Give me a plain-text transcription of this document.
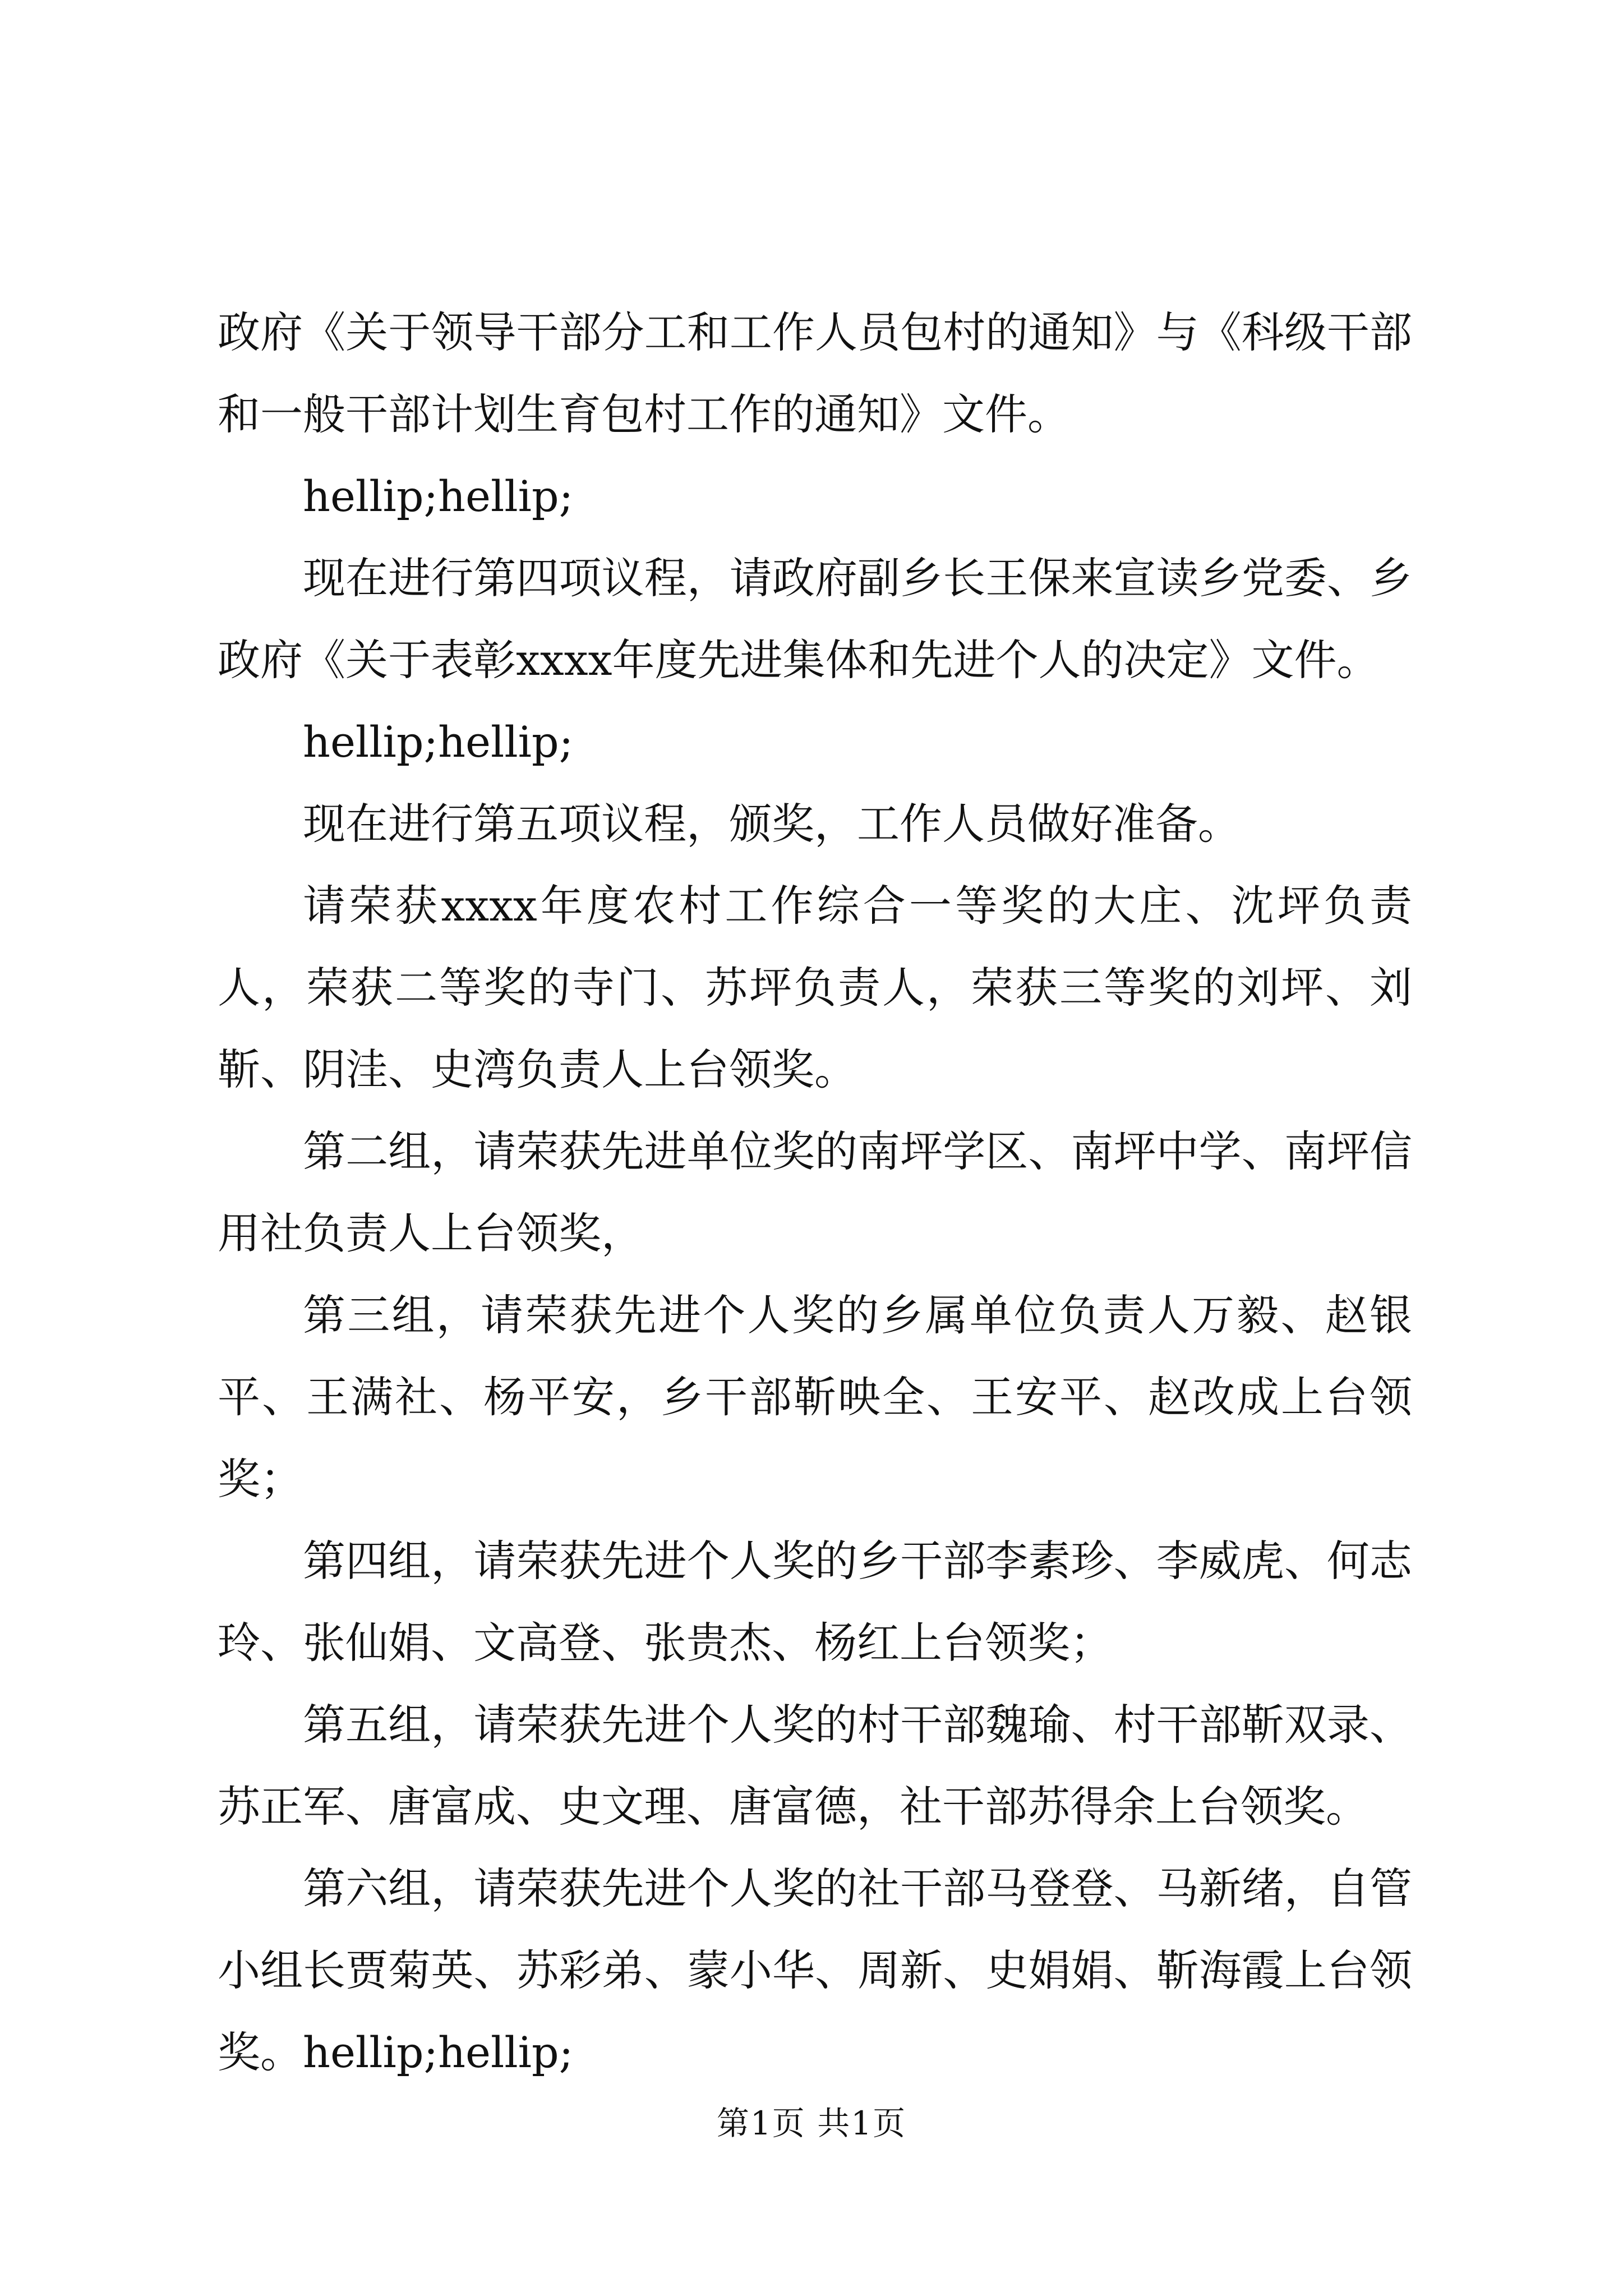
政府《关于领导干部分工和工作人员包村的通知》与《科级干部和一般干部计划生育包村工作的通知》文件。

hellip;hellip;

现在进行第四项议程，请政府副乡长王保来宣读乡党委、乡政府《关于表彰xxxx年度先进集体和先进个人的决定》文件。

hellip;hellip;

现在进行第五项议程，颁奖，工作人员做好准备。

请荣获xxxx年度农村工作综合一等奖的大庄、沈坪负责人，荣获二等奖的寺门、苏坪负责人，荣获三等奖的刘坪、刘靳、阴洼、史湾负责人上台领奖。

第二组，请荣获先进单位奖的南坪学区、南坪中学、南坪信用社负责人上台领奖，

第三组，请荣获先进个人奖的乡属单位负责人万毅、赵银平、王满社、杨平安，乡干部靳映全、王安平、赵改成上台领奖；

第四组，请荣获先进个人奖的乡干部李素珍、李威虎、何志玲、张仙娟、文高登、张贵杰、杨红上台领奖；

第五组，请荣获先进个人奖的村干部魏瑜、村干部靳双录、苏正军、唐富成、史文理、唐富德，社干部苏得余上台领奖。

第六组，请荣获先进个人奖的社干部马登登、马新绪，自管小组长贾菊英、苏彩弟、蒙小华、周新、史娟娟、靳海霞上台领奖。hellip;hellip;

第1页 共1页
